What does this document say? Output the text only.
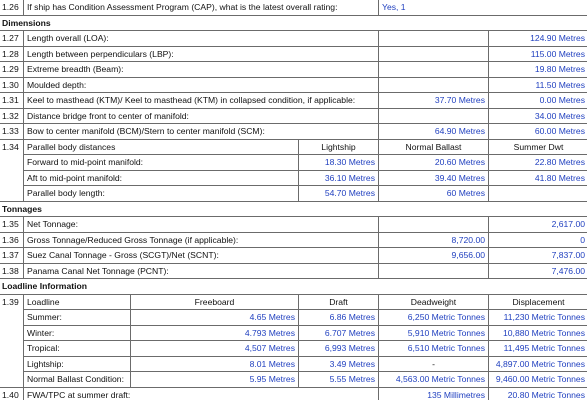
1.26	If ship has Condition Assessment Program (CAP), what is the latest overall rating:		Yes, 1	
Dimensions				
1.27	Length overall (LOA):			124.90 Metres
1.28	Length between perpendiculars (LBP):			115.00 Metres
1.29	Extreme breadth (Beam):			19.80 Metres
1.30	Moulded depth:			11.50 Metres
1.31	Keel to masthead (KTM)/ Keel to masthead (KTM) in collapsed condition, if applicable:		37.70 Metres	0.00 Metres
1.32	Distance bridge front to center of manifold:			34.00 Metres
1.33	Bow to center manifold (BCM)/Stern to center manifold (SCM):		64.90 Metres	60.00 Metres
1.34	Parallel body distances	Lightship	Normal Ballast	Summer Dwt
	Forward to mid-point manifold:	18.30 Metres	20.60 Metres	22.80 Metres
	Aft to mid-point manifold:	36.10 Metres	39.40 Metres	41.80 Metres
	Parallel body length:	54.70 Metres	60 Metres	
Tonnages				
1.35	Net Tonnage:			2,617.00
1.36	Gross Tonnage/Reduced Gross Tonnage (if applicable):		8,720.00	0
1.37	Suez Canal Tonnage - Gross (SCGT)/Net (SCNT):		9,656.00	7,837.00
1.38	Panama Canal Net Tonnage (PCNT):			7,476.00
Loadline Information				
1.39	Loadline Freeboard	Draft	Deadweight	Displacement

	Summer: 4.65 Metres	6.86 Metres	6,250 Metric Tonnes	11,230 Metric Tonnes

	Winter: 4.793 Metres	6.707 Metres	5,910 Metric Tonnes	10,880 Metric Tonnes

	Tropical: 4,507 Metres	6,993 Metres	6,510 Metric Tonnes	11,495 Metric Tonnes

	Lightship: 8.01 Metres	3.49 Metres	-	4,897.00 Metric Tonnes

	Normal Ballast Condition: 5.95 Metres	5.55 Metres	4,563.00 Metric Tonnes	9,460.00 Metric Tonnes
1.40	FWA/TPC at summer draft:		135 Millimetres	20.80 Metric Tonnes
